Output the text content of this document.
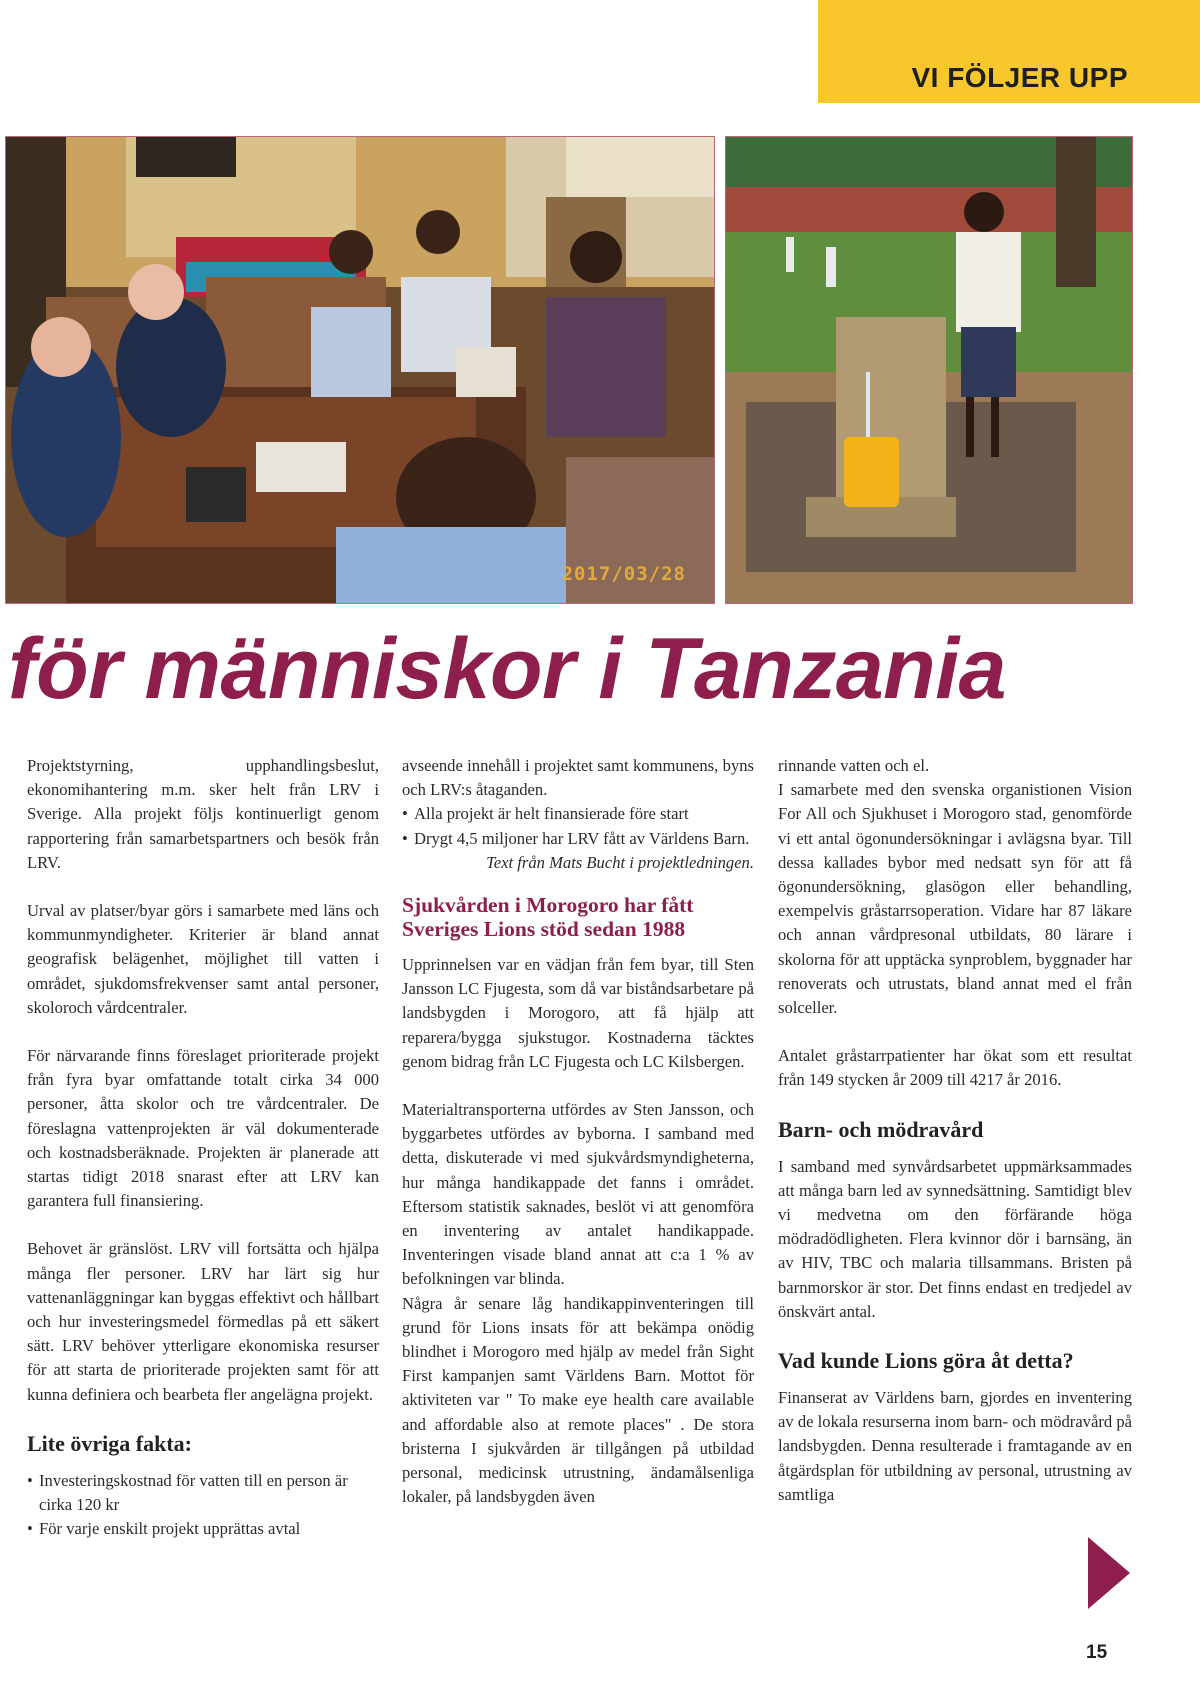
VI FÖLJER UPP
2017/03/28
för människor i Tanzania

Projektstyrning, upphandlingsbeslut, ekonomihantering m.m. sker helt från LRV i Sverige. Alla projekt följs kontinuerligt genom rapportering från samarbetspartners och besök från LRV.

Urval av platser/byar görs i samarbete med läns och kommunmyndigheter. Kriterier är bland annat geografisk belägenhet, möjlighet till vatten i området, sjukdomsfrekvenser samt antal personer, skoloroch vårdcentraler.

För närvarande finns föreslaget prioriterade projekt från fyra byar omfattande totalt cirka 34 000 personer, åtta skolor och tre vårdcentraler. De föreslagna vattenprojekten är väl dokumenterade och kostnadsberäknade. Projekten är planerade att startas tidigt 2018 snarast efter att LRV kan garantera full finansiering.

Behovet är gränslöst. LRV vill fortsätta och hjälpa många fler personer. LRV har lärt sig hur vattenanläggningar kan byggas effektivt och hållbart och hur investeringsmedel förmedlas på ett säkert sätt. LRV behöver ytterligare ekonomiska resurser för att starta de prioriterade projekten samt för att kunna definiera och bearbeta fler angelägna projekt.

Lite övriga fakta:
• Investeringskostnad för vatten till en person är cirka 120 kr
• För varje enskilt projekt upprättas avtal

avseende innehåll i projektet samt kommunens, byns och LRV:s åtaganden.

• Alla projekt är helt finansierade före start
• Drygt 4,5 miljoner har LRV fått av Världens Barn.

Text från Mats Bucht i projektledningen.

Sjukvården i Morogoro har fått Sveriges Lions stöd sedan 1988

Upprinnelsen var en vädjan från fem byar, till Sten Jansson LC Fjugesta, som då var biståndsarbetare på landsbygden i Morogoro, att få hjälp att reparera/bygga sjukstugor. Kostnaderna täcktes genom bidrag från LC Fjugesta och LC Kilsbergen.

Materialtransporterna utfördes av Sten Jansson, och byggarbetes utfördes av byborna. I samband med detta, diskuterade vi med sjukvårdsmyndigheterna, hur många handikappade det fanns i området. Eftersom statistik saknades, beslöt vi att genomföra en inventering av antalet handikappade. Inventeringen visade bland annat att c:a 1 % av befolkningen var blinda.

Några år senare låg handikappinventeringen till grund för Lions insats för att bekämpa onödig blindhet i Morogoro med hjälp av medel från Sight First kampanjen samt Världens Barn. Mottot för aktiviteten var " To make eye health care available and affordable also at remote places" . De stora bristerna I sjukvården är tillgången på utbildad personal, medicinsk utrustning, ändamålsenliga lokaler, på landsbygden även

rinnande vatten och el.

I samarbete med den svenska organistionen Vision For All och Sjukhuset i Morogoro stad, genomförde vi ett antal ögonundersökningar i avlägsna byar. Till dessa kallades bybor med nedsatt syn för att få ögonundersökning, glasögon eller behandling, exempelvis gråstarrsoperation. Vidare har 87 läkare och annan vårdpresonal utbildats, 80 lärare i skolorna för att upptäcka synproblem, byggnader har renoverats och utrustats, bland annat med el från solceller.

Antalet gråstarrpatienter har ökat som ett resultat från 149 stycken år 2009 till 4217 år 2016.

Barn- och mödravård

I samband med synvårdsarbetet uppmärksammades att många barn led av synnedsättning. Samtidigt blev vi medvetna om den förfärande höga mödradödligheten. Flera kvinnor dör i barnsäng, än av HIV, TBC och malaria tillsammans. Bristen på barnmorskor är stor. Det finns endast en tredjedel av önskvärt antal.

Vad kunde Lions göra åt detta?

Finanserat av Världens barn, gjordes en inventering av de lokala resurserna inom barn- och mödravård på landsbygden. Denna resulterade i framtagande av en åtgärdsplan för utbildning av personal, utrustning av samtliga

15
